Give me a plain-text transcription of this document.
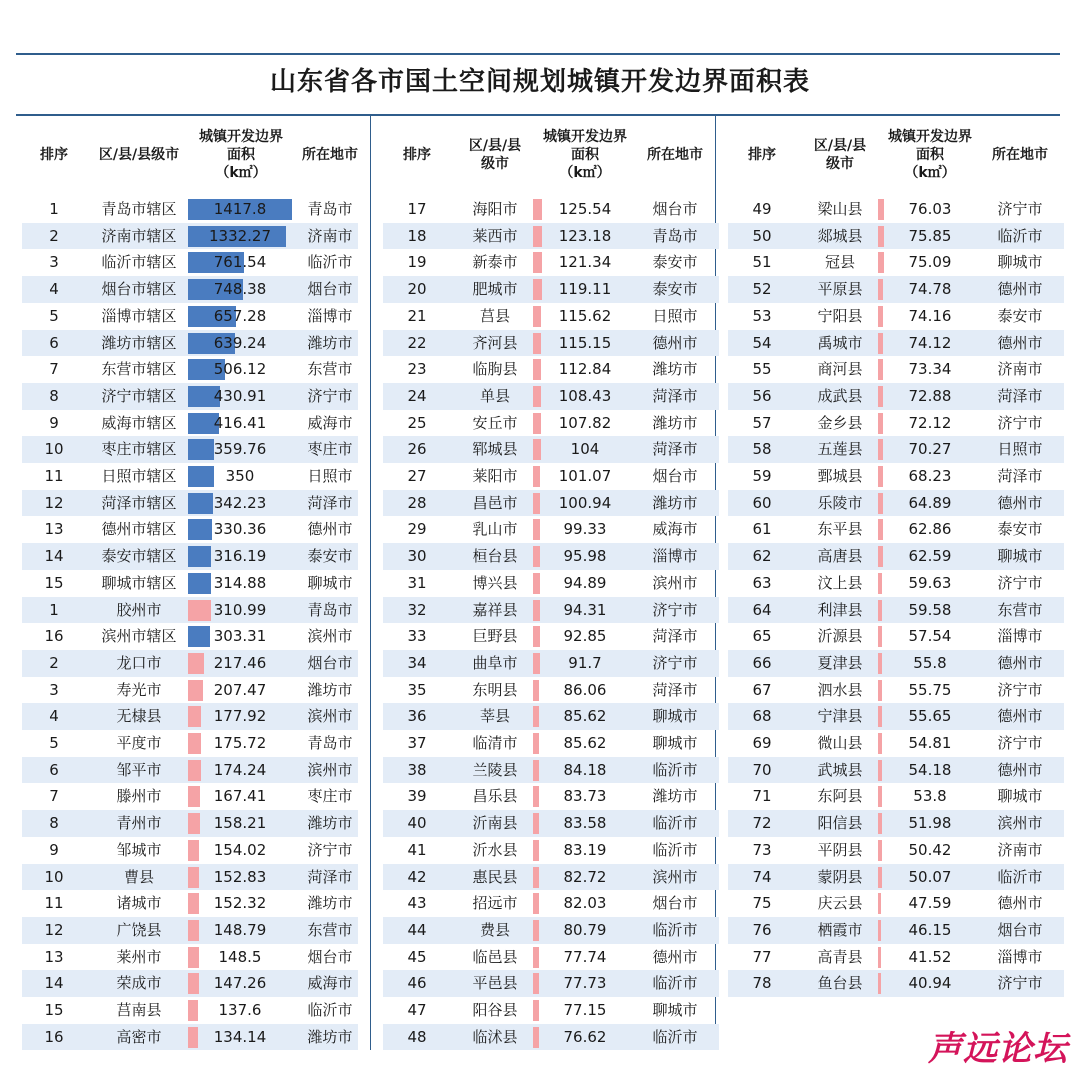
山东省各市国土空间规划城镇开发边界面积表
排序	区/县/县级市
城镇开发边界
面积
（k㎡）
所在地市
1	青岛市辖区	1417.8	青岛市
2	济南市辖区	1332.27	济南市
3	临沂市辖区	761.54	临沂市
4	烟台市辖区	748.38	烟台市
5	淄博市辖区	657.28	淄博市
6	潍坊市辖区	639.24	潍坊市
7	东营市辖区	506.12	东营市
8	济宁市辖区	430.91	济宁市
9	威海市辖区	416.41	威海市
10	枣庄市辖区	359.76	枣庄市
11	日照市辖区	350	日照市
12	菏泽市辖区	342.23	菏泽市
13	德州市辖区	330.36	德州市
14	泰安市辖区	316.19	泰安市
15	聊城市辖区	314.88	聊城市
1	胶州市	310.99	青岛市
16	滨州市辖区	303.31	滨州市
2	龙口市	217.46	烟台市
3	寿光市	207.47	潍坊市
4	无棣县	177.92	滨州市
5	平度市	175.72	青岛市
6	邹平市	174.24	滨州市
7	滕州市	167.41	枣庄市
8	青州市	158.21	潍坊市
9	邹城市	154.02	济宁市
10	曹县	152.83	菏泽市
11	诸城市	152.32	潍坊市
12	广饶县	148.79	东营市
13	莱州市	148.5	烟台市
14	荣成市	147.26	威海市
15	莒南县	137.6	临沂市
16	高密市	134.14	潍坊市
排序
区/县/县
级市
城镇开发边界
面积
（k㎡）
所在地市
17	海阳市	125.54	烟台市
18	莱西市	123.18	青岛市
19	新泰市	121.34	泰安市
20	肥城市	119.11	泰安市
21	莒县	115.62	日照市
22	齐河县	115.15	德州市
23	临朐县	112.84	潍坊市
24	单县	108.43	菏泽市
25	安丘市	107.82	潍坊市
26	郓城县	104	菏泽市
27	莱阳市	101.07	烟台市
28	昌邑市	100.94	潍坊市
29	乳山市	99.33	威海市
30	桓台县	95.98	淄博市
31	博兴县	94.89	滨州市
32	嘉祥县	94.31	济宁市
33	巨野县	92.85	菏泽市
34	曲阜市	91.7	济宁市
35	东明县	86.06	菏泽市
36	莘县	85.62	聊城市
37	临清市	85.62	聊城市
38	兰陵县	84.18	临沂市
39	昌乐县	83.73	潍坊市
40	沂南县	83.58	临沂市
41	沂水县	83.19	临沂市
42	惠民县	82.72	滨州市
43	招远市	82.03	烟台市
44	费县	80.79	临沂市
45	临邑县	77.74	德州市
46	平邑县	77.73	临沂市
47	阳谷县	77.15	聊城市
48	临沭县	76.62	临沂市
排序
区/县/县
级市
城镇开发边界
面积
（k㎡）
所在地市
49	梁山县	76.03	济宁市
50	郯城县	75.85	临沂市
51	冠县	75.09	聊城市
52	平原县	74.78	德州市
53	宁阳县	74.16	泰安市
54	禹城市	74.12	德州市
55	商河县	73.34	济南市
56	成武县	72.88	菏泽市
57	金乡县	72.12	济宁市
58	五莲县	70.27	日照市
59	鄄城县	68.23	菏泽市
60	乐陵市	64.89	德州市
61	东平县	62.86	泰安市
62	高唐县	62.59	聊城市
63	汶上县	59.63	济宁市
64	利津县	59.58	东营市
65	沂源县	57.54	淄博市
66	夏津县	55.8	德州市
67	泗水县	55.75	济宁市
68	宁津县	55.65	德州市
69	微山县	54.81	济宁市
70	武城县	54.18	德州市
71	东阿县	53.8	聊城市
72	阳信县	51.98	滨州市
73	平阴县	50.42	济南市
74	蒙阴县	50.07	临沂市
75	庆云县	47.59	德州市
76	栖霞市	46.15	烟台市
77	高青县	41.52	淄博市
78	鱼台县	40.94	济宁市
声远论坛
